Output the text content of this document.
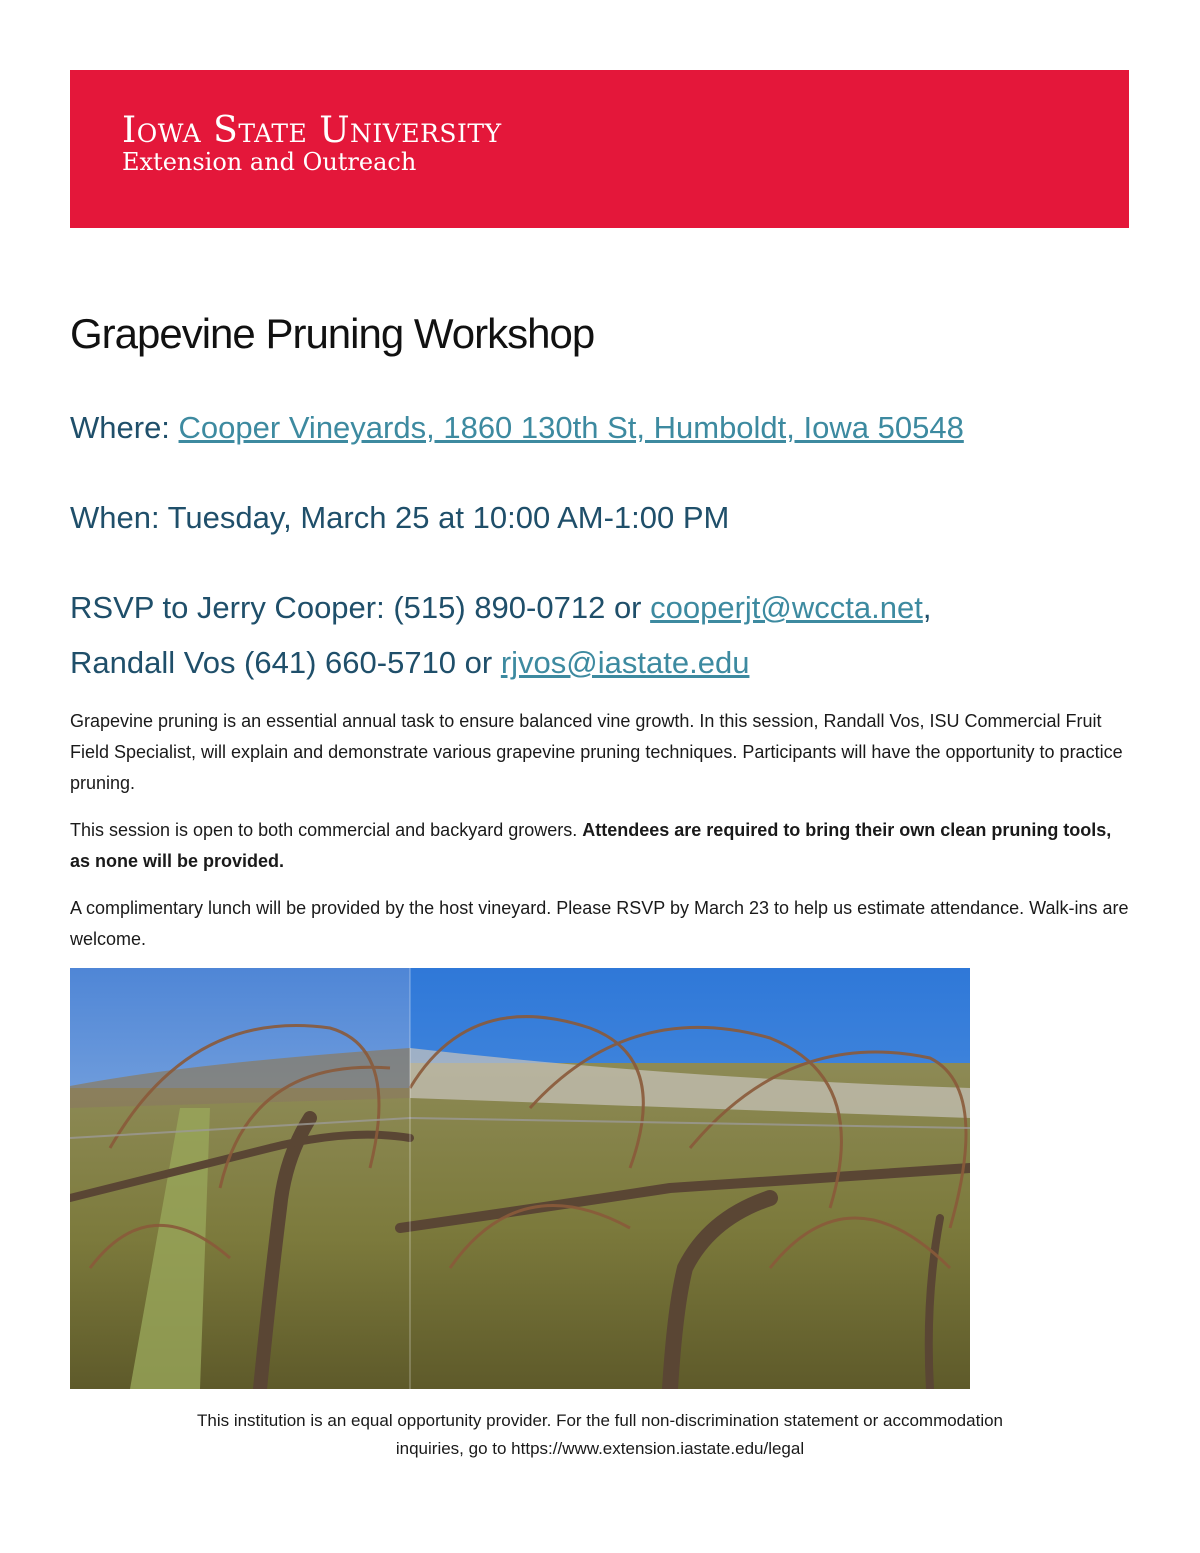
Iowa State University
Extension and Outreach
Grapevine Pruning Workshop

Where: Cooper Vineyards, 1860 130th St, Humboldt, Iowa 50548

When: Tuesday, March 25 at 10:00 AM-1:00 PM

RSVP to Jerry Cooper: (515) 890-0712 or cooperjt@wccta.net,

Randall Vos (641) 660-5710 or rjvos@iastate.edu

Grapevine pruning is an essential annual task to ensure balanced vine growth. In this session, Randall Vos, ISU Commercial Fruit Field Specialist, will explain and demonstrate various grapevine pruning techniques. Participants will have the opportunity to practice pruning.

This session is open to both commercial and backyard growers. Attendees are required to bring their own clean pruning tools, as none will be provided.

A complimentary lunch will be provided by the host vineyard. Please RSVP by March 23 to help us estimate attendance. Walk-ins are welcome.

This institution is an equal opportunity provider. For the full non-discrimination statement or accommodation
inquiries, go to https://www.extension.iastate.edu/legal
